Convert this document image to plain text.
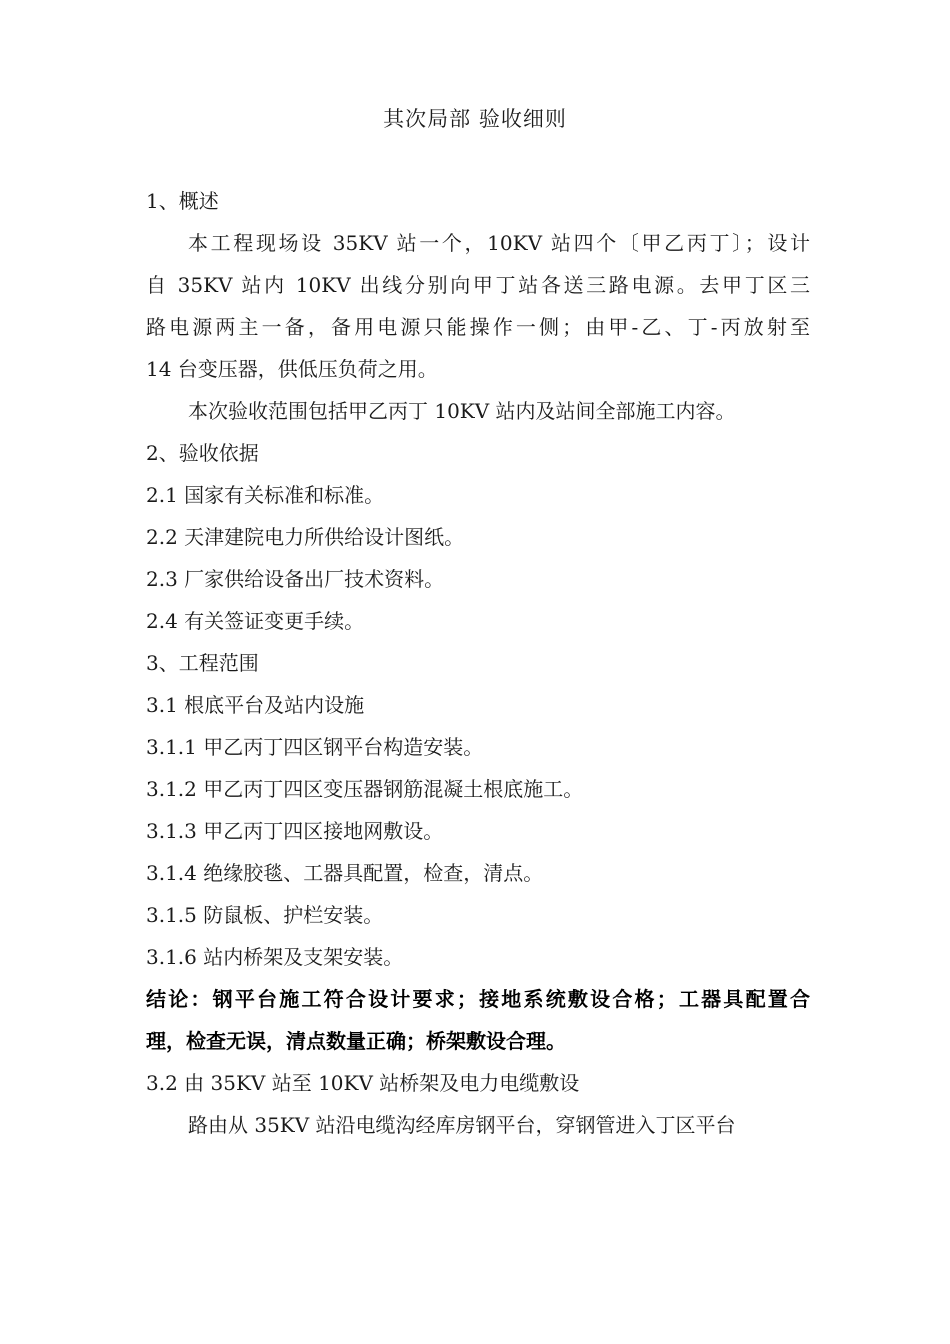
其次局部 验收细则

1、概述

本工程现场设 35KV 站一个，10KV 站四个〔甲乙丙丁〕；设计
自 35KV 站内 10KV 出线分别向甲丁站各送三路电源。去甲丁区三
路电源两主一备，备用电源只能操作一侧；由甲-乙、丁-丙放射至
14 台变压器，供低压负荷之用。

本次验收范围包括甲乙丙丁 10KV 站内及站间全部施工内容。

2、验收依据

2.1 国家有关标准和标准。

2.2 天津建院电力所供给设计图纸。

2.3 厂家供给设备出厂技术资料。

2.4 有关签证变更手续。

3、工程范围

3.1 根底平台及站内设施

3.1.1 甲乙丙丁四区钢平台构造安装。

3.1.2 甲乙丙丁四区变压器钢筋混凝土根底施工。

3.1.3 甲乙丙丁四区接地网敷设。

3.1.4 绝缘胶毯、工器具配置，检查，清点。

3.1.5 防鼠板、护栏安装。

3.1.6 站内桥架及支架安装。

结论：钢平台施工符合设计要求；接地系统敷设合格；工器具配置合
理，检查无误，清点数量正确；桥架敷设合理。

3.2 由 35KV 站至 10KV 站桥架及电力电缆敷设

路由从 35KV 站沿电缆沟经库房钢平台，穿钢管进入丁区平台
